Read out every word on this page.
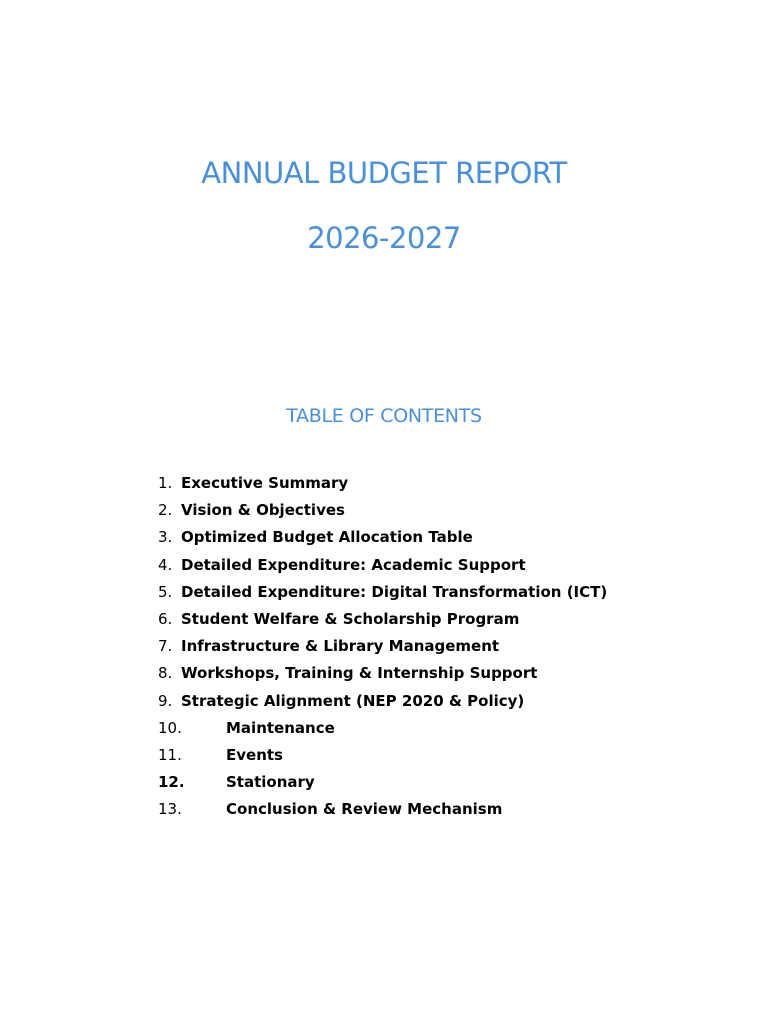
ANNUAL BUDGET REPORT
2026-2027
TABLE OF CONTENTS
1. Executive Summary
2. Vision & Objectives
3. Optimized Budget Allocation Table
4. Detailed Expenditure: Academic Support
5. Detailed Expenditure: Digital Transformation (ICT)
6. Student Welfare & Scholarship Program
7. Infrastructure & Library Management
8. Workshops, Training & Internship Support
9. Strategic Alignment (NEP 2020 & Policy)
10.	Maintenance
11.	Events
12.	Stationary
13.	Conclusion & Review Mechanism
